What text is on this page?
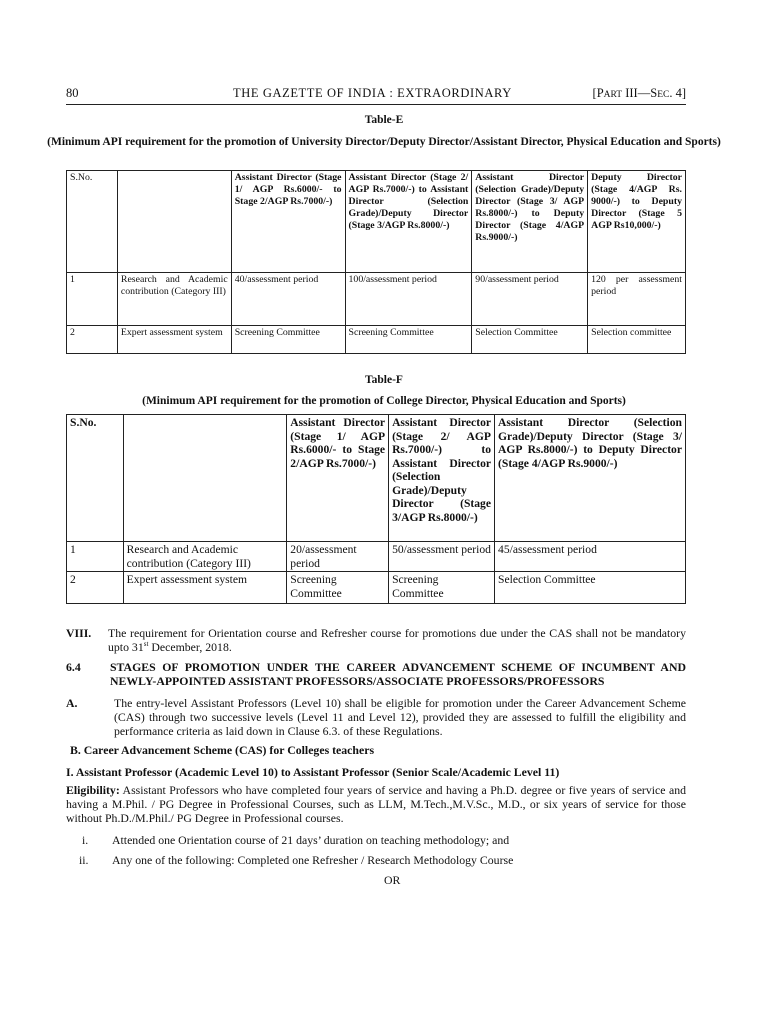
80	THE GAZETTE OF INDIA : EXTRAORDINARY	[PART III—SEC. 4]
Table-E
(Minimum API requirement for the promotion of University Director/Deputy Director/Assistant Director, Physical Education and Sports)
S.No.		Assistant Director (Stage 1/ AGP Rs.6000/- to Stage 2/AGP Rs.7000/-)	Assistant Director (Stage 2/ AGP Rs.7000/-) to Assistant Director (Selection Grade)/Deputy Director (Stage 3/AGP Rs.8000/-)	Assistant Director (Selection Grade)/Deputy Director (Stage 3/ AGP Rs.8000/-) to Deputy Director (Stage 4/AGP Rs.9000/-)	Deputy Director (Stage 4/AGP Rs. 9000/-) to Deputy Director (Stage 5 AGP Rs10,000/-)
1	Research and Academic contribution (Category III)	40/assessment period	100/assessment period	90/assessment period	120 per assessment period
2	Expert assessment system	Screening Committee	Screening Committee	Selection Committee	Selection committee
Table-F
(Minimum API requirement for the promotion of College Director, Physical Education and Sports)
S.No.		Assistant Director (Stage 1/ AGP Rs.6000/- to Stage 2/AGP Rs.7000/-)	Assistant Director (Stage 2/ AGP Rs.7000/-) to Assistant Director (Selection Grade)/Deputy Director (Stage 3/AGP Rs.8000/-)	Assistant Director (Selection Grade)/Deputy Director (Stage 3/ AGP Rs.8000/-) to Deputy Director (Stage 4/AGP Rs.9000/-)
1	Research and Academic contribution (Category III)	20/assessment period	50/assessment period	45/assessment period
2	Expert assessment system	Screening Committee	Screening Committee	Selection Committee
VIII. The requirement for Orientation course and Refresher course for promotions due under the CAS shall not be mandatory upto 31st December, 2018.
6.4 STAGES OF PROMOTION UNDER THE CAREER ADVANCEMENT SCHEME OF INCUMBENT AND NEWLY-APPOINTED ASSISTANT PROFESSORS/ASSOCIATE PROFESSORS/PROFESSORS
A.	The entry-level Assistant Professors (Level 10) shall be eligible for promotion under the Career Advancement Scheme (CAS) through two successive levels (Level 11 and Level 12), provided they are assessed to fulfill the eligibility and performance criteria as laid down in Clause 6.3. of these Regulations.
B. Career Advancement Scheme (CAS) for Colleges teachers
I. Assistant Professor (Academic Level 10) to Assistant Professor (Senior Scale/Academic Level 11)
Eligibility: Assistant Professors who have completed four years of service and having a Ph.D. degree or five years of service and having a M.Phil. / PG Degree in Professional Courses, such as LLM, M.Tech.,M.V.Sc., M.D., or six years of service for those without Ph.D./M.Phil./ PG Degree in Professional courses.
i. Attended one Orientation course of 21 days’ duration on teaching methodology; and
ii. Any one of the following: Completed one Refresher / Research Methodology Course
OR
